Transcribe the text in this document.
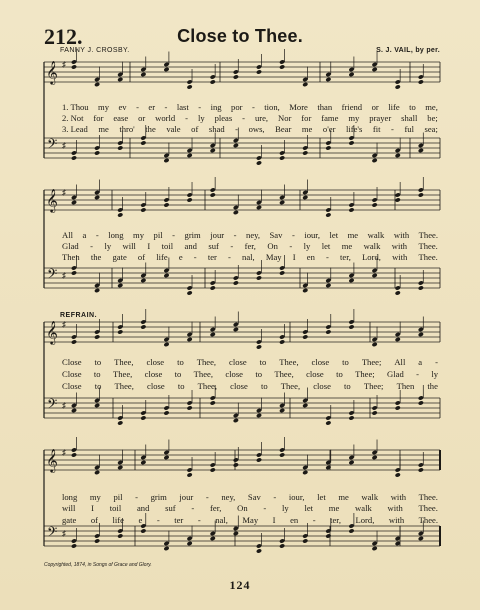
𝄞
𝄢
♯
♯
𝄞
𝄢
♯
♯
𝄞
𝄢
♯
♯
𝄞
𝄢
♯
♯
212.	Close to Thee.
FANNY J. CROSBY.	S. J. VAIL, by per.
REFRAIN.
1. Thou my ev - er - last - ing por - tion, More than friend or life to me,
2. Not for ease or world - ly pleas - ure, Nor for fame my prayer shall be;
3. Lead me thro' the vale of shad - ows, Bear me o'er life's fit - ful sea;
All a - long my pil - grim jour - ney, Sav - iour, let me walk with Thee.
Glad - ly will I toil and suf - fer, On - ly let me walk with Thee.
Then the gate of life e - ter - nal, May I en - ter, Lord, with Thee.
Close to Thee, close to Thee, close to Thee, close to Thee; All a -
Close to Thee, close to Thee, close to Thee, close to Thee; Glad - ly
Close to Thee, close to Thee, close to Thee, close to Thee; Then the
long my pil - grim jour - ney, Sav - iour, let me walk with Thee.
will I toil and suf - fer, On - ly let me walk with Thee.
gate of life e - ter - nal, May I en - ter, Lord, with Thee.
Copyrighted, 1874, in Songs of Grace and Glory.
124
